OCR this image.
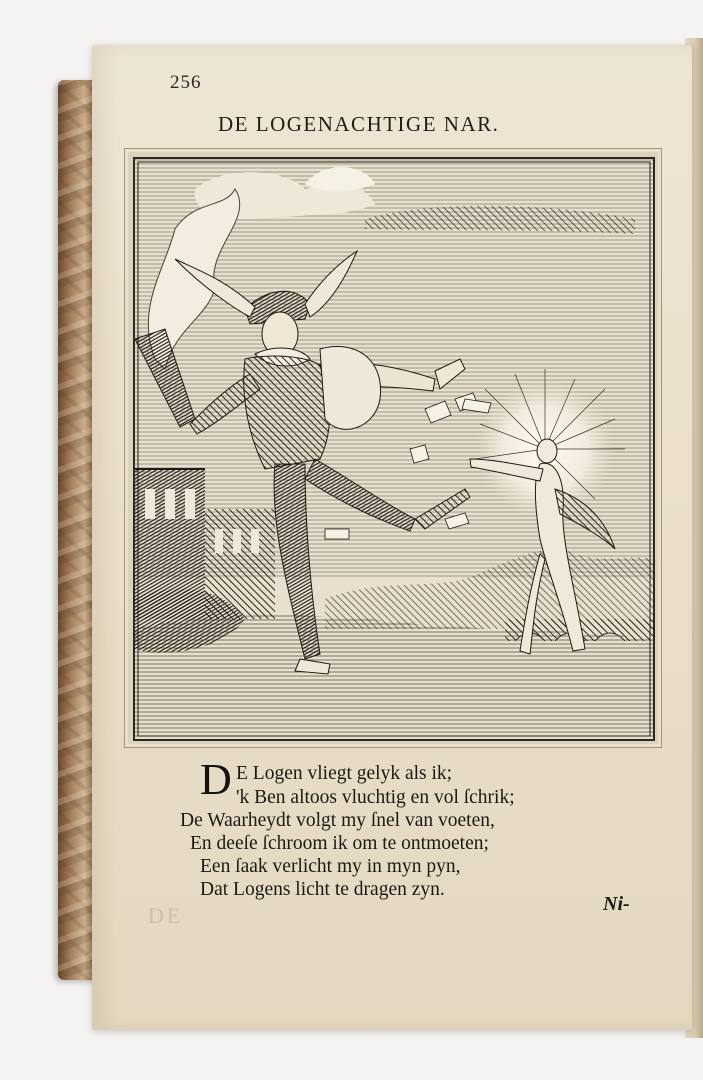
256
DE LOGENACHTIGE NAR.
D E Logen vliegt gelyk als ik;
'k Ben altoos vluchtig en vol ſchrik;
De Waarheydt volgt my ſnel van voeten,
En deeſe ſchroom ik om te ontmoeten;
Een ſaak verlicht my in myn pyn,
Dat Logens licht te dragen zyn.
Ni-
DE
